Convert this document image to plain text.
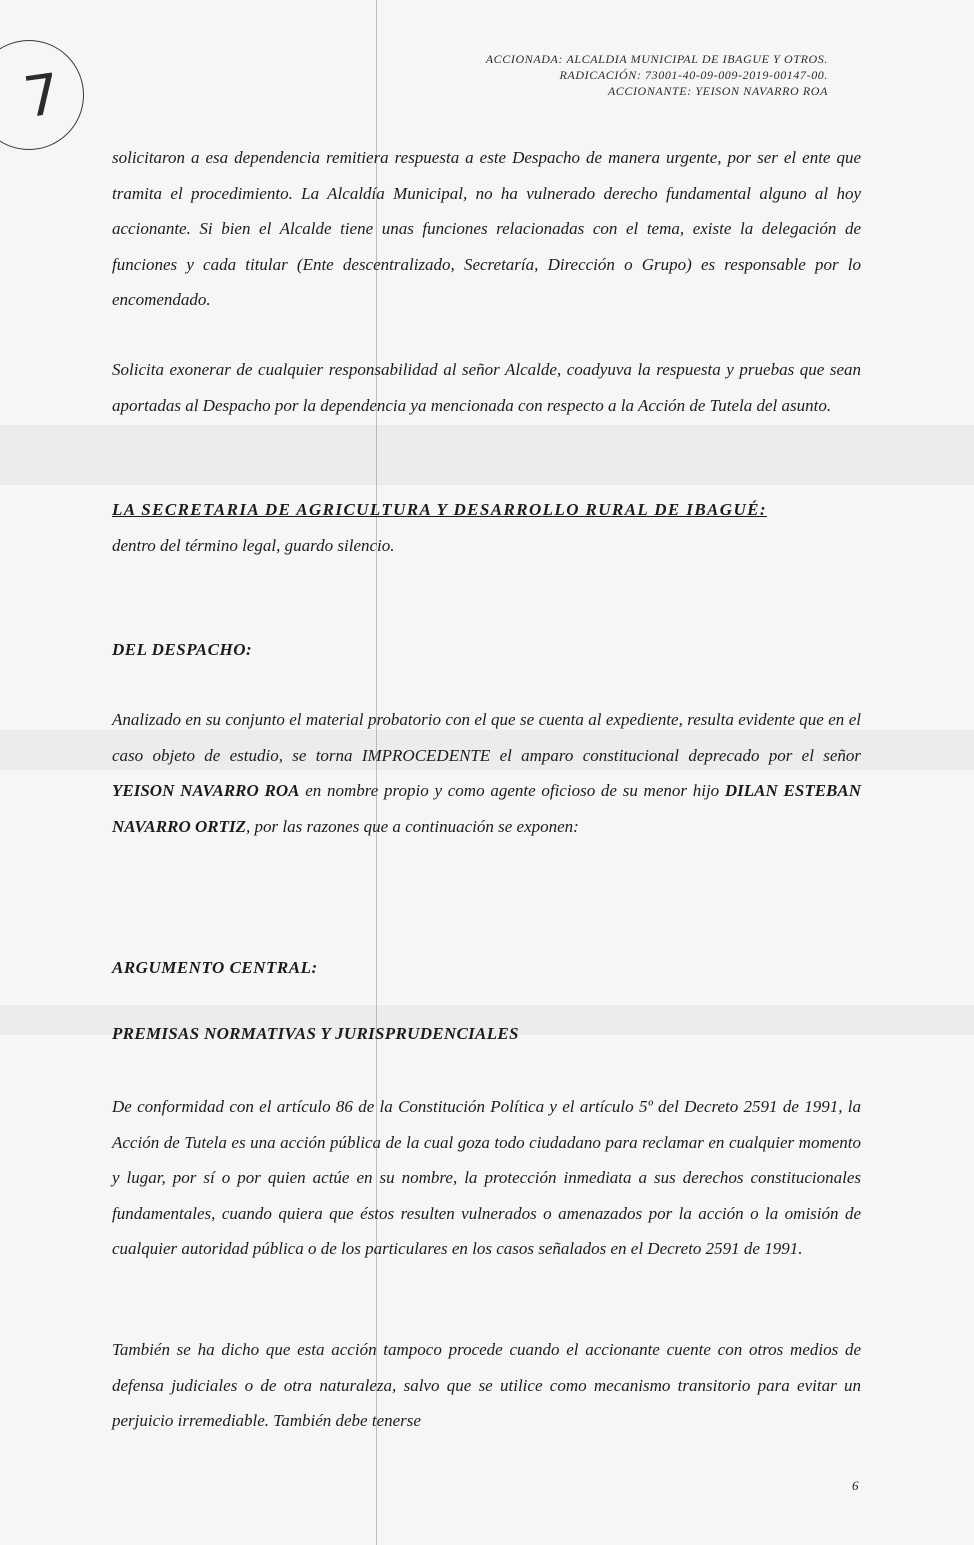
7
ACCIONADA: ALCALDIA MUNICIPAL DE IBAGUE Y OTROS.
RADICACIÓN: 73001-40-09-009-2019-00147-00.
ACCIONANTE: YEISON NAVARRO ROA

solicitaron a esa dependencia remitiera respuesta a este Despacho de manera urgente, por ser el ente que tramita el procedimiento. La Alcaldía Municipal, no ha vulnerado derecho fundamental alguno al hoy accionante. Si bien el Alcalde tiene unas funciones relacionadas con el tema, existe la delegación de funciones y cada titular (Ente descentralizado, Secretaría, Dirección o Grupo) es responsable por lo encomendado.

Solicita exonerar de cualquier responsabilidad al señor Alcalde, coadyuva la respuesta y pruebas que sean aportadas al Despacho por la dependencia ya mencionada con respecto a la Acción de Tutela del asunto.

LA SECRETARIA DE AGRICULTURA Y DESARROLLO RURAL DE IBAGUÉ:

dentro del término legal, guardo silencio.

DEL DESPACHO:

Analizado en su conjunto el material probatorio con el que se cuenta al expediente, resulta evidente que en el caso objeto de estudio, se torna IMPROCEDENTE el amparo constitucional deprecado por el señor YEISON NAVARRO ROA en nombre propio y como agente oficioso de su menor hijo DILAN ESTEBAN NAVARRO ORTIZ, por las razones que a continuación se exponen:

ARGUMENTO CENTRAL:
PREMISAS NORMATIVAS Y JURISPRUDENCIALES

De conformidad con el artículo 86 de la Constitución Política y el artículo 5º del Decreto 2591 de 1991, la Acción de Tutela es una acción pública de la cual goza todo ciudadano para reclamar en cualquier momento y lugar, por sí o por quien actúe en su nombre, la protección inmediata a sus derechos constitucionales fundamentales, cuando quiera que éstos resulten vulnerados o amenazados por la acción o la omisión de cualquier autoridad pública o de los particulares en los casos señalados en el Decreto 2591 de 1991.

También se ha dicho que esta acción tampoco procede cuando el accionante cuente con otros medios de defensa judiciales o de otra naturaleza, salvo que se utilice como mecanismo transitorio para evitar un perjuicio irremediable. También debe tenerse

6
